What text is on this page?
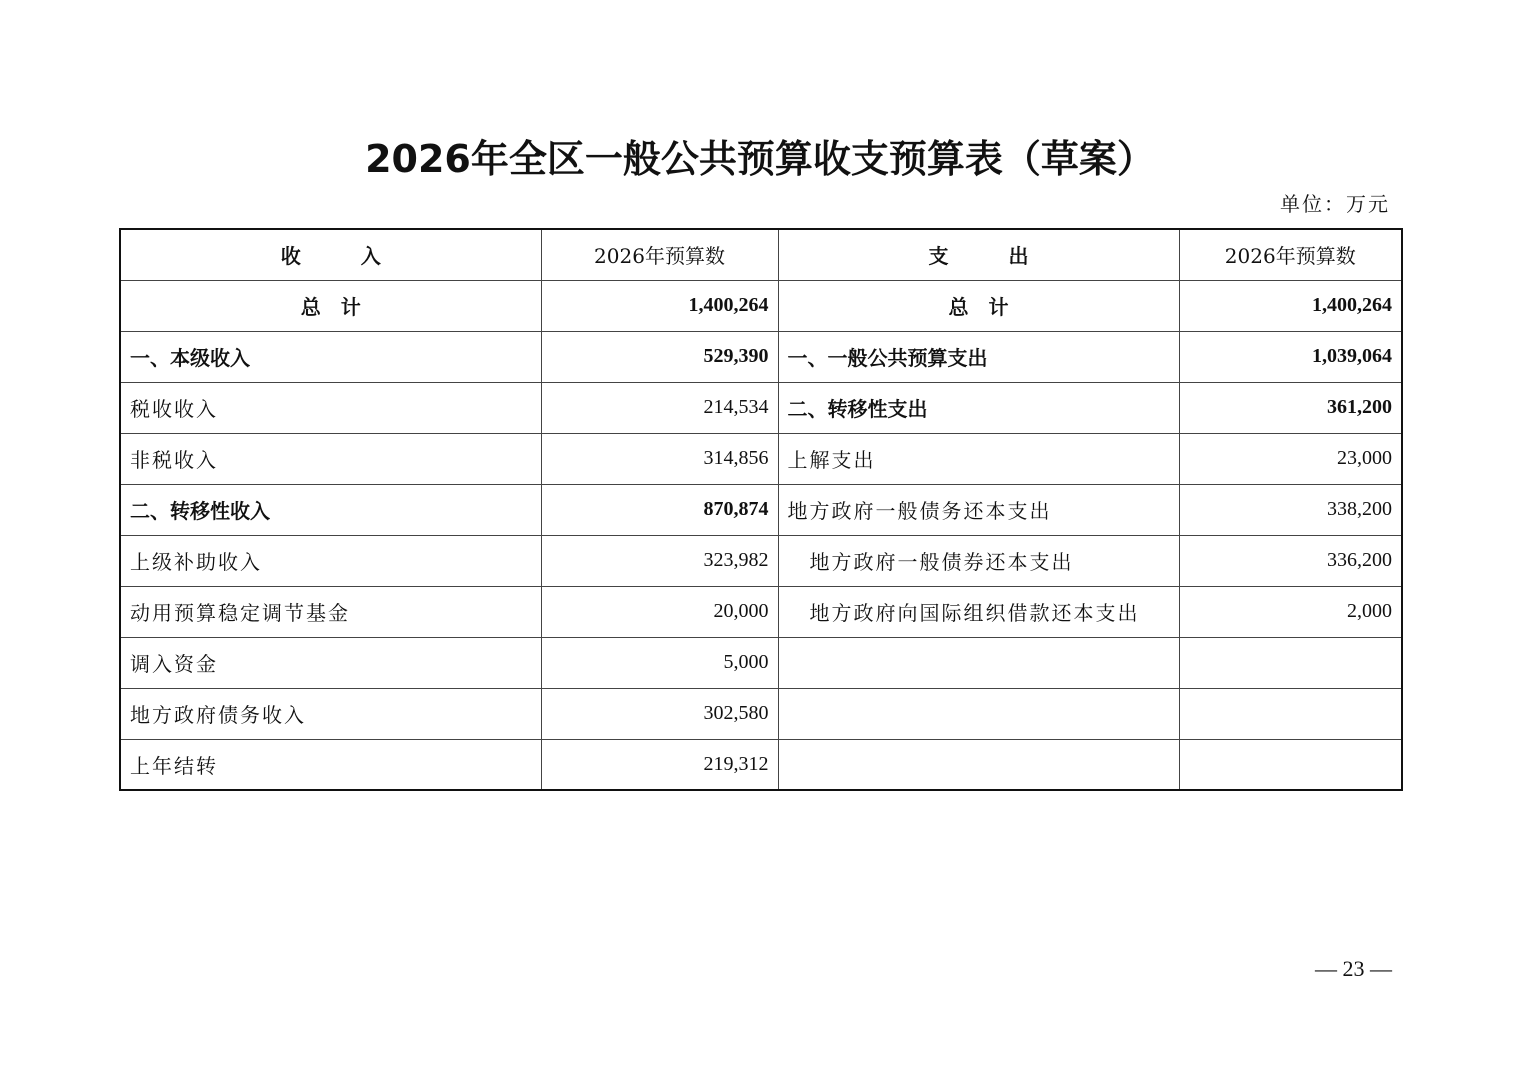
2026年全区一般公共预算收支预算表（草案）
单位：万元
收　　　入	2026年预算数	支　　　出	2026年预算数
总　计	1,400,264	总　计	1,400,264
一、本级收入	529,390	一、一般公共预算支出	1,039,064
税收收入	214,534	二、转移性支出	361,200
非税收入	314,856	上解支出	23,000
二、转移性收入	870,874	地方政府一般债务还本支出	338,200
上级补助收入	323,982	地方政府一般债券还本支出	336,200
动用预算稳定调节基金	20,000	地方政府向国际组织借款还本支出	2,000
调入资金	5,000		
地方政府债务收入	302,580		
上年结转	219,312		
— 23 —
